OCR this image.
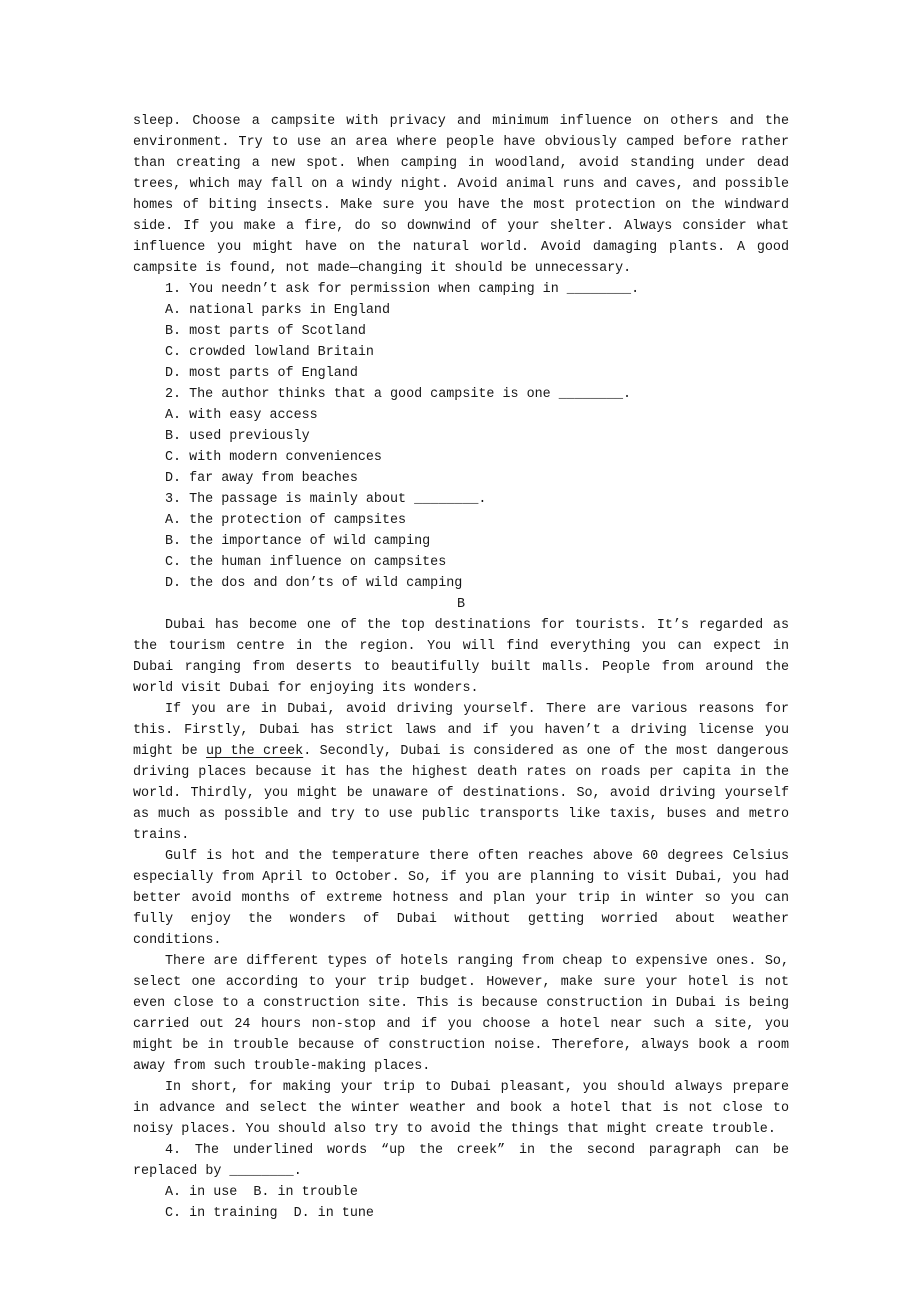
sleep. Choose a campsite with privacy and minimum influence on others and the environment. Try to use an area where people have obviously camped before rather than creating a new spot. When camping in woodland, avoid standing under dead trees, which may fall on a windy night. Avoid animal runs and caves, and possible homes of biting insects. Make sure you have the most protection on the windward side. If you make a fire, do so downwind of your shelter. Always consider what influence you might have on the natural world. Avoid damaging plants. A good campsite is found, not made—changing it should be unnecessary.

1. You needn’t ask for permission when camping in ________.

A. national parks in England

B. most parts of Scotland

C. crowded lowland Britain

D. most parts of England

2. The author thinks that a good campsite is one ________.

A. with easy access

B. used previously

C. with modern conveniences

D. far away from beaches

3. The passage is mainly about ________.

A. the protection of campsites

B. the importance of wild camping

C. the human influence on campsites

D. the dos and don’ts of wild camping

B

Dubai has become one of the top destinations for tourists. It’s regarded as the tourism centre in the region. You will find everything you can expect in Dubai ranging from deserts to beautifully built malls. People from around the world visit Dubai for enjoying its wonders.

If you are in Dubai, avoid driving yourself. There are various reasons for this. Firstly, Dubai has strict laws and if you haven’t a driving license you might be up the creek. Secondly, Dubai is considered as one of the most dangerous driving places because it has the highest death rates on roads per capita in the world. Thirdly, you might be unaware of destinations. So, avoid driving yourself as much as possible and try to use public transports like taxis, buses and metro trains.

Gulf is hot and the temperature there often reaches above 60 degrees Celsius especially from April to October. So, if you are planning to visit Dubai, you had better avoid months of extreme hotness and plan your trip in winter so you can fully enjoy the wonders of Dubai without getting worried about weather conditions.

There are different types of hotels ranging from cheap to expensive ones. So, select one according to your trip budget. However, make sure your hotel is not even close to a construction site. This is because construction in Dubai is being carried out 24 hours non-stop and if you choose a hotel near such a site, you might be in trouble because of construction noise. Therefore, always book a room away from such trouble-making places.

In short, for making your trip to Dubai pleasant, you should always prepare in advance and select the winter weather and book a hotel that is not close to noisy places. You should also try to avoid the things that might create trouble.

4. The underlined words “up the creek” in the second paragraph can be replaced by ________.

A. in use  B. in trouble

C. in training  D. in tune
